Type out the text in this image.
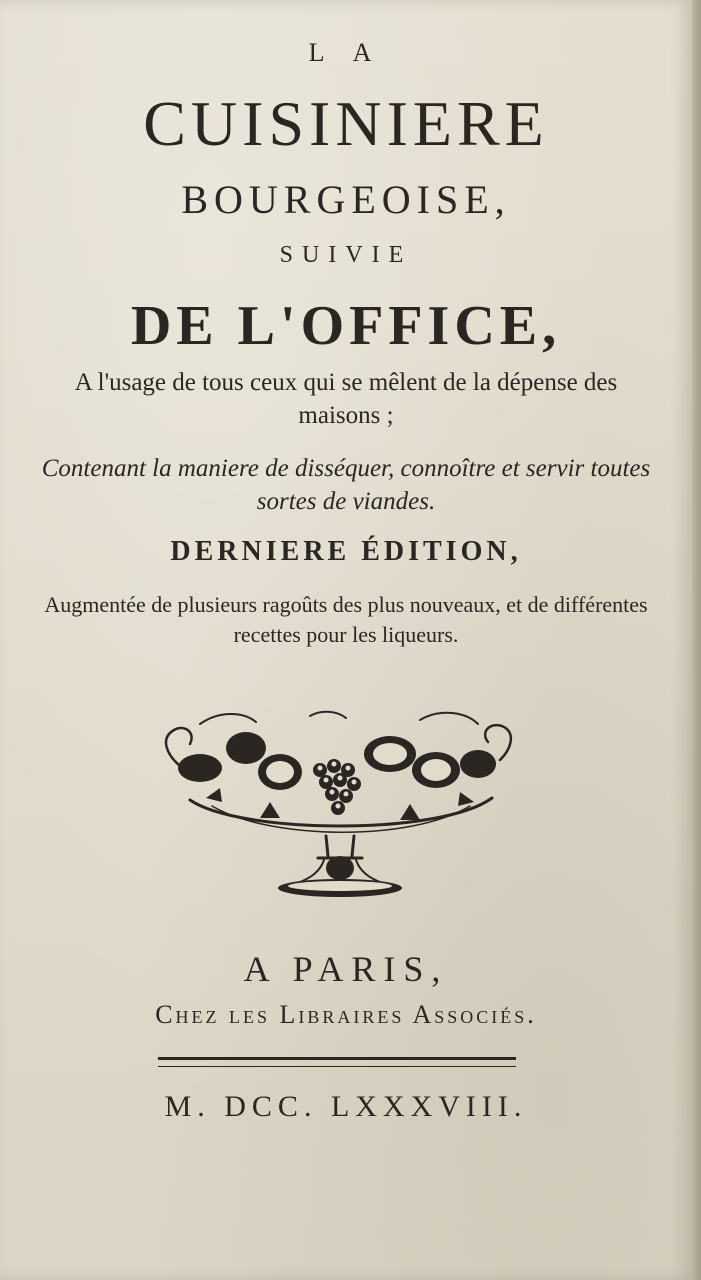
L A
CUISINIERE
BOURGEOISE,
SUIVIE
DE L'OFFICE,
A l'usage de tous ceux qui se mêlent de la dépense des maisons ;
Contenant la maniere de disséquer, connoître et servir toutes sortes de viandes.
DERNIERE ÉDITION,
Augmentée de plusieurs ragoûts des plus nouveaux, et de différentes recettes pour les liqueurs.
A PARIS,
Chez les Libraires Associés.
M. DCC. LXXXVIII.
